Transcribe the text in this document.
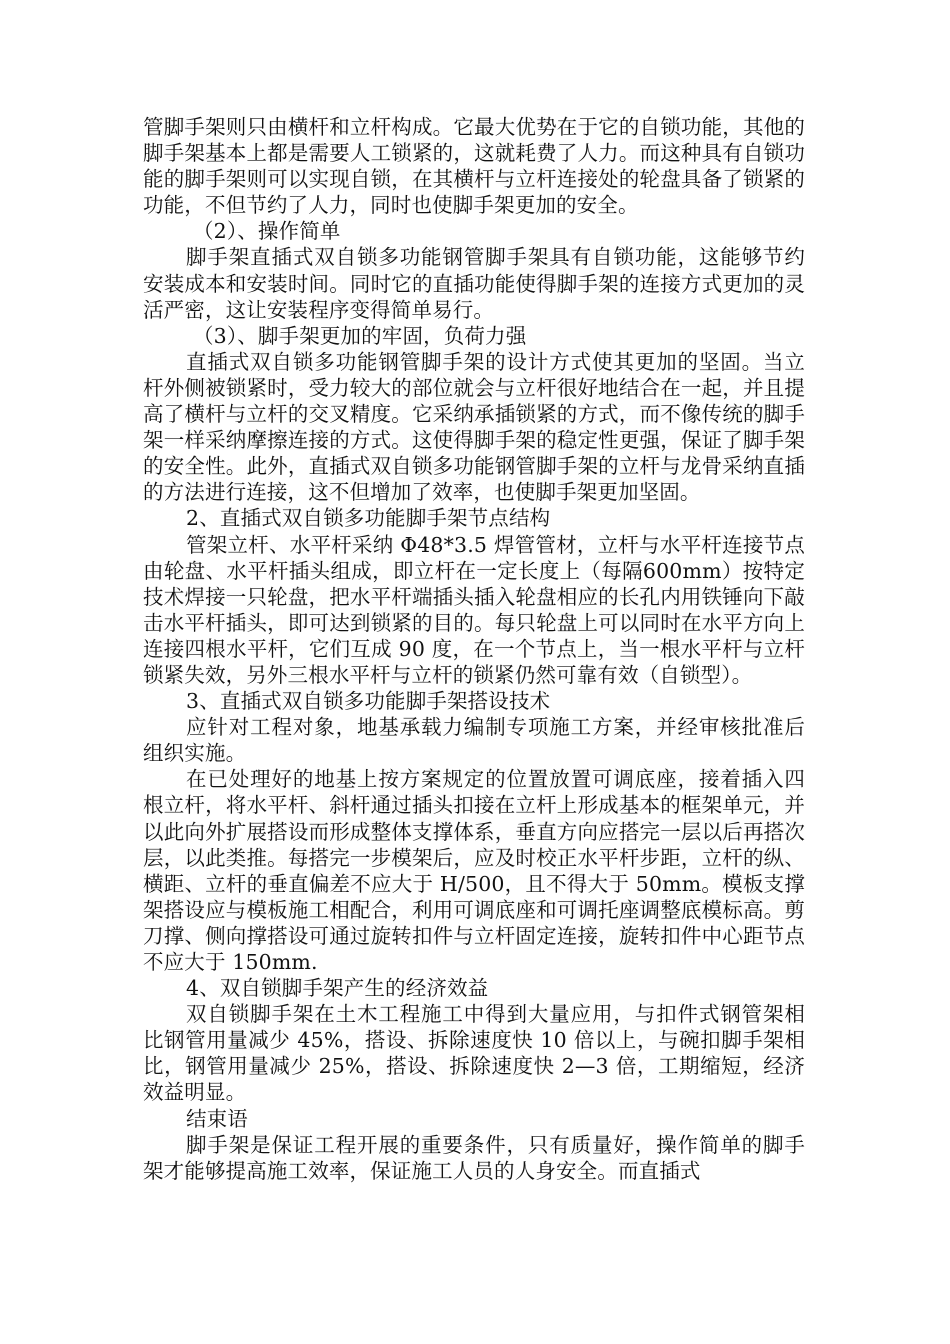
管脚手架则只由横杆和立杆构成。它最大优势在于它的自锁功能，其他的脚手架基本上都是需要人工锁紧的，这就耗费了人力。而这种具有自锁功能的脚手架则可以实现自锁，在其横杆与立杆连接处的轮盘具备了锁紧的功能，不但节约了人力，同时也使脚手架更加的安全。

（2）、操作简单

脚手架直插式双自锁多功能钢管脚手架具有自锁功能，这能够节约安装成本和安装时间。同时它的直插功能使得脚手架的连接方式更加的灵活严密，这让安装程序变得简单易行。

（3）、脚手架更加的牢固，负荷力强

直插式双自锁多功能钢管脚手架的设计方式使其更加的坚固。当立杆外侧被锁紧时，受力较大的部位就会与立杆很好地结合在一起，并且提高了横杆与立杆的交叉精度。它采纳承插锁紧的方式，而不像传统的脚手架一样采纳摩擦连接的方式。这使得脚手架的稳定性更强，保证了脚手架的安全性。此外，直插式双自锁多功能钢管脚手架的立杆与龙骨采纳直插的方法进行连接，这不但增加了效率，也使脚手架更加坚固。

2、直插式双自锁多功能脚手架节点结构

管架立杆、水平杆采纳 Φ48*3.5 焊管管材，立杆与水平杆连接节点由轮盘、水平杆插头组成，即立杆在一定长度上（每隔600mm）按特定技术焊接一只轮盘，把水平杆端插头插入轮盘相应的长孔内用铁锤向下敲击水平杆插头，即可达到锁紧的目的。每只轮盘上可以同时在水平方向上连接四根水平杆，它们互成 90 度，在一个节点上，当一根水平杆与立杆锁紧失效，另外三根水平杆与立杆的锁紧仍然可靠有效（自锁型）。

3、直插式双自锁多功能脚手架搭设技术

应针对工程对象，地基承载力编制专项施工方案，并经审核批准后组织实施。

在已处理好的地基上按方案规定的位置放置可调底座，接着插入四根立杆，将水平杆、斜杆通过插头扣接在立杆上形成基本的框架单元，并以此向外扩展搭设而形成整体支撑体系，垂直方向应搭完一层以后再搭次层，以此类推。每搭完一步模架后，应及时校正水平杆步距，立杆的纵、横距、立杆的垂直偏差不应大于 H/500，且不得大于 50mm。模板支撑架搭设应与模板施工相配合，利用可调底座和可调托座调整底模标高。剪刀撑、侧向撑搭设可通过旋转扣件与立杆固定连接，旋转扣件中心距节点不应大于 150mm.

4、双自锁脚手架产生的经济效益

双自锁脚手架在土木工程施工中得到大量应用，与扣件式钢管架相比钢管用量减少 45%，搭设、拆除速度快 10 倍以上，与碗扣脚手架相比，钢管用量减少 25%，搭设、拆除速度快 2—3 倍，工期缩短，经济效益明显。

结束语

脚手架是保证工程开展的重要条件，只有质量好，操作简单的脚手架才能够提高施工效率，保证施工人员的人身安全。而直插式
